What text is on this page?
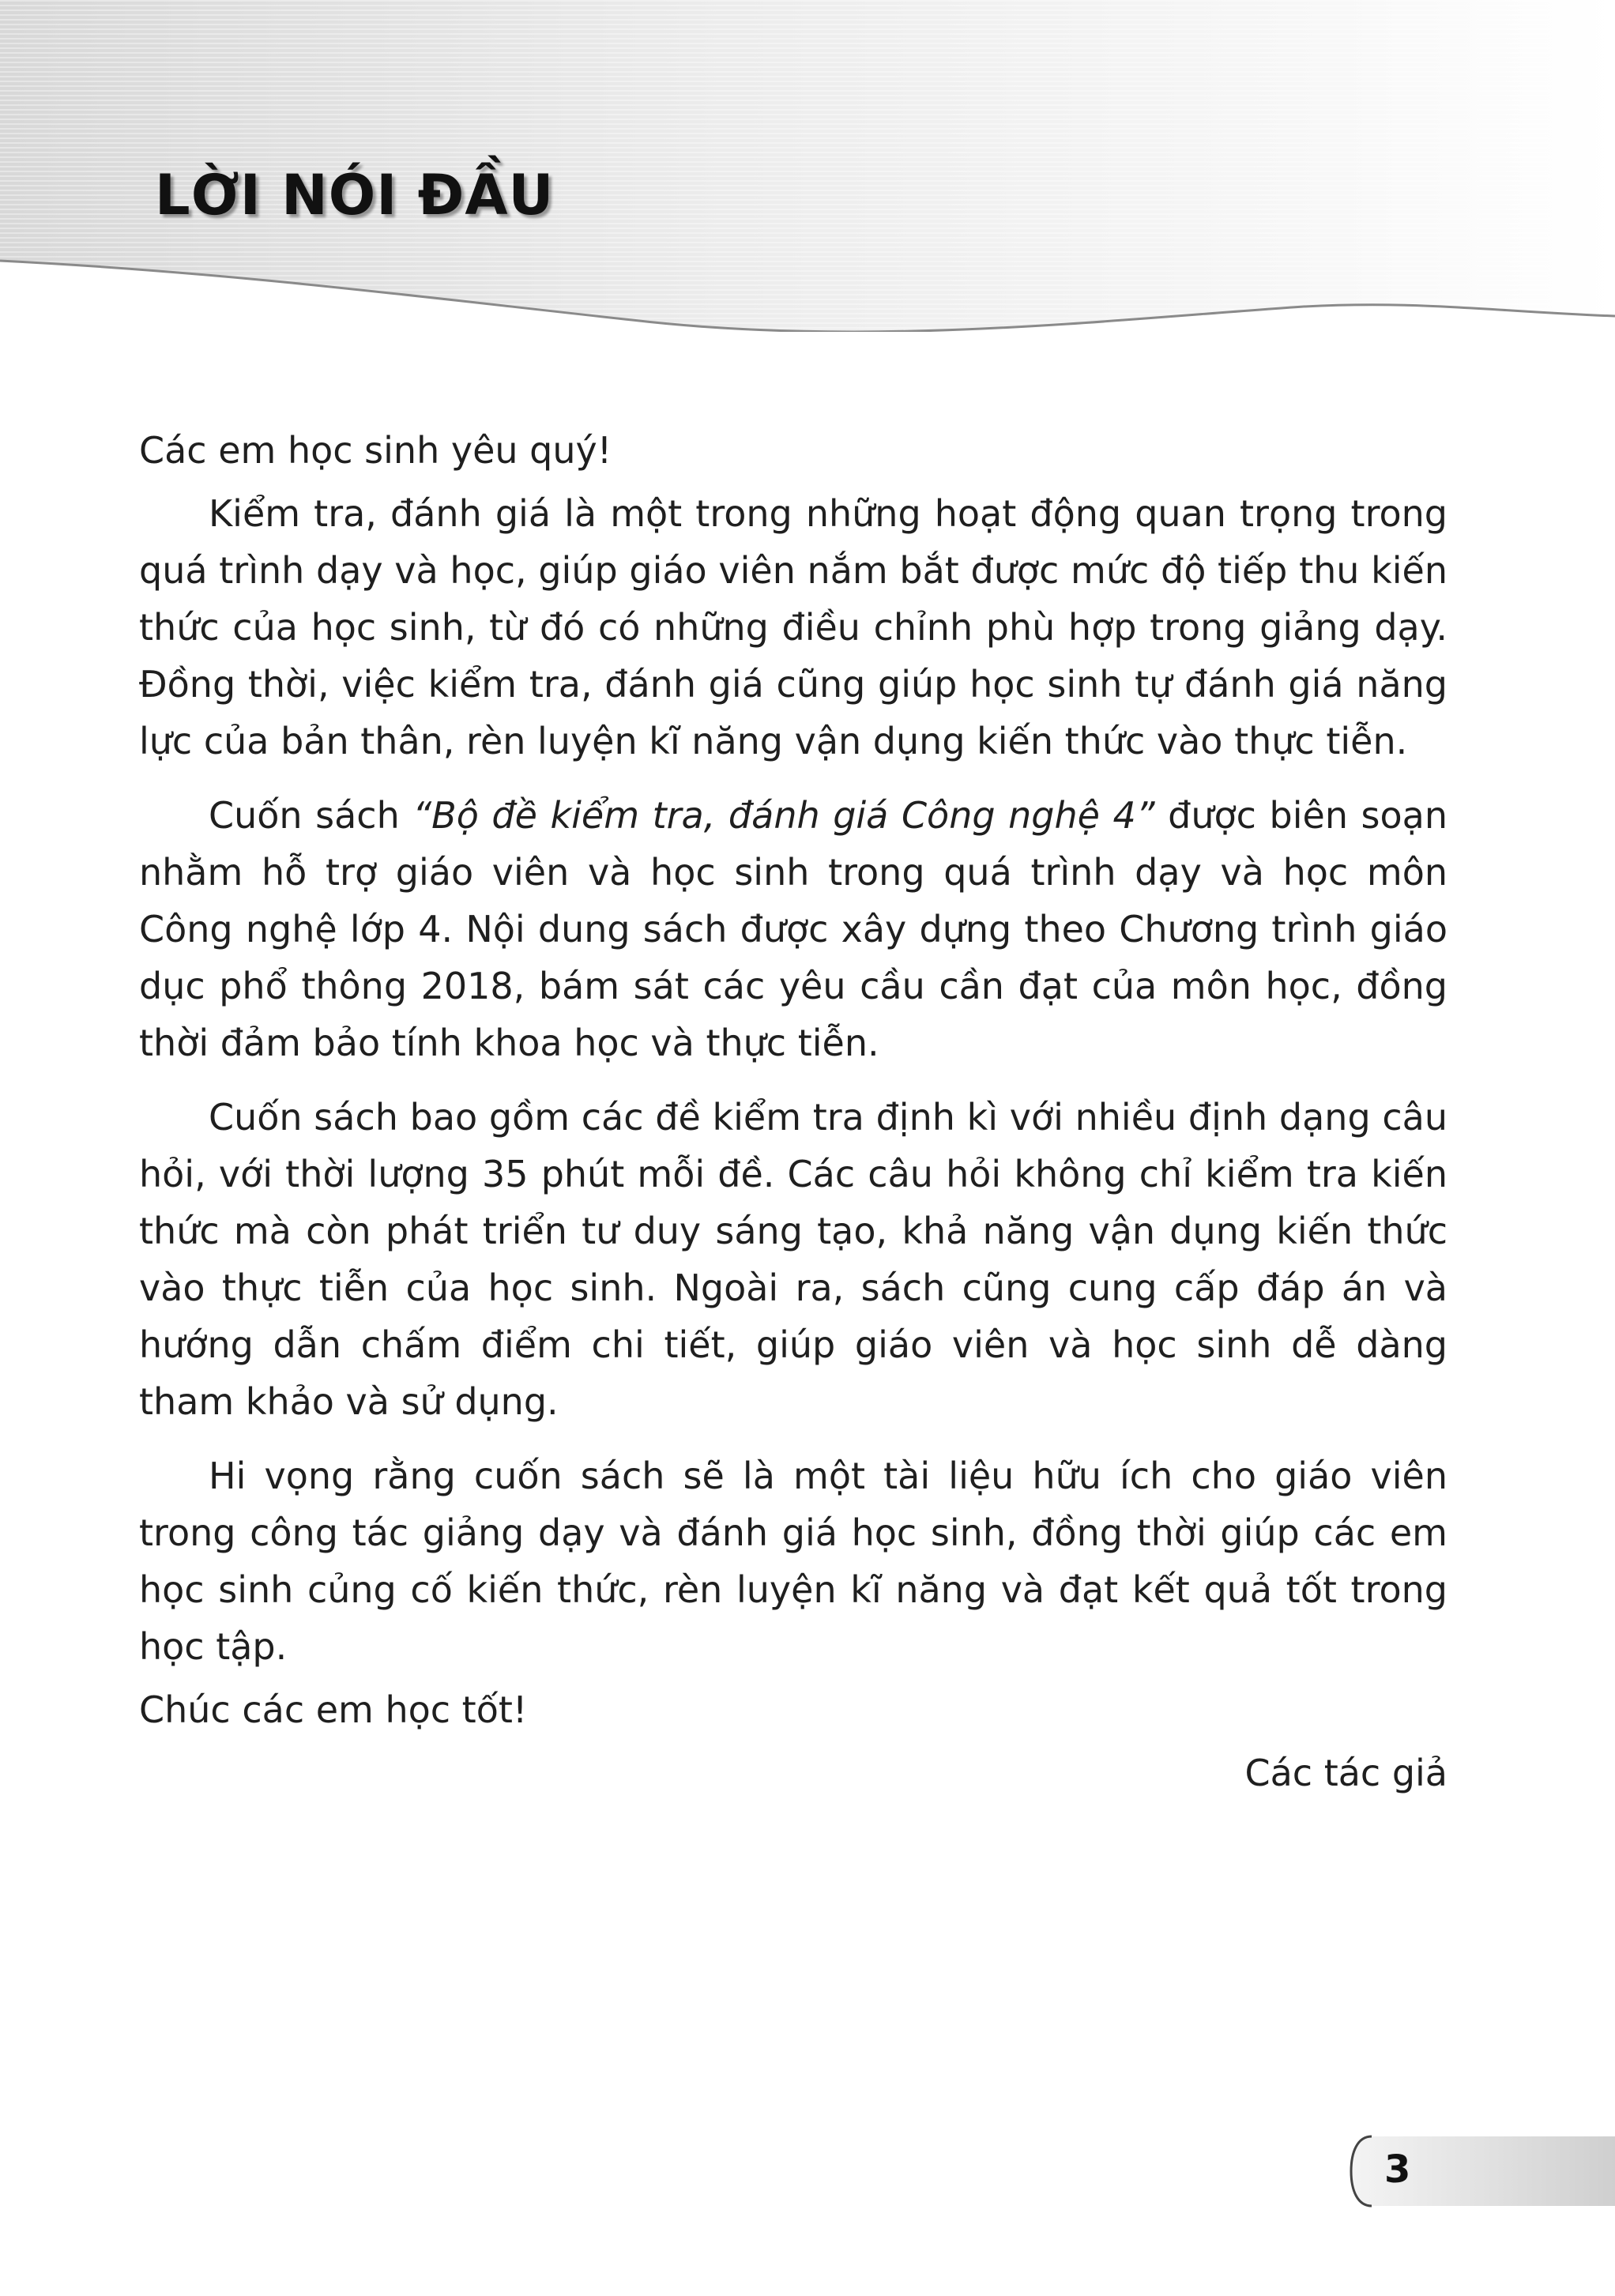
LỜI NÓI ĐẦU

Các em học sinh yêu quý!

Kiểm tra, đánh giá là một trong những hoạt động quan trọng trong quá trình dạy và học, giúp giáo viên nắm bắt được mức độ tiếp thu kiến thức của học sinh, từ đó có những điều chỉnh phù hợp trong giảng dạy. Đồng thời, việc kiểm tra, đánh giá cũng giúp học sinh tự đánh giá năng lực của bản thân, rèn luyện kĩ năng vận dụng kiến thức vào thực tiễn.

Cuốn sách “Bộ đề kiểm tra, đánh giá Công nghệ 4” được biên soạn nhằm hỗ trợ giáo viên và học sinh trong quá trình dạy và học môn Công nghệ lớp 4. Nội dung sách được xây dựng theo Chương trình giáo dục phổ thông 2018, bám sát các yêu cầu cần đạt của môn học, đồng thời đảm bảo tính khoa học và thực tiễn.

Cuốn sách bao gồm các đề kiểm tra định kì với nhiều định dạng câu hỏi, với thời lượng 35 phút mỗi đề. Các câu hỏi không chỉ kiểm tra kiến thức mà còn phát triển tư duy sáng tạo, khả năng vận dụng kiến thức vào thực tiễn của học sinh. Ngoài ra, sách cũng cung cấp đáp án và hướng dẫn chấm điểm chi tiết, giúp giáo viên và học sinh dễ dàng tham khảo và sử dụng.

Hi vọng rằng cuốn sách sẽ là một tài liệu hữu ích cho giáo viên trong công tác giảng dạy và đánh giá học sinh, đồng thời giúp các em học sinh củng cố kiến thức, rèn luyện kĩ năng và đạt kết quả tốt trong học tập.

Chúc các em học tốt!

Các tác giả

3
